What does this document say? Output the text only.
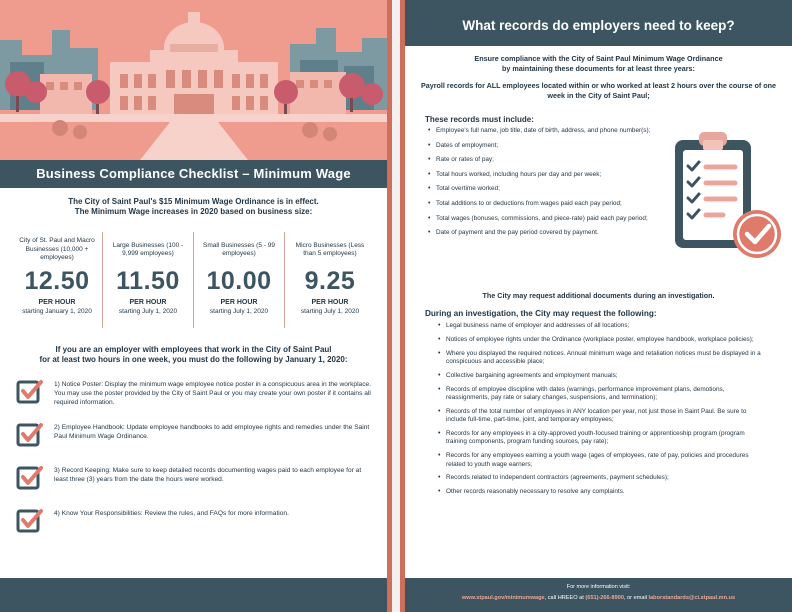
Business Compliance Checklist – Minimum Wage
The City of Saint Paul's $15 Minimum Wage Ordinance is in effect.
The Minimum Wage increases in 2020 based on business size:
City of St. Paul and Macro Businesses (10,000 + employees)
12.50
PER HOUR
starting January 1, 2020
Large Businesses (100 - 9,999 employees)
11.50
PER HOUR
starting July 1, 2020
Small Businesses (5 - 99 employees)
10.00
PER HOUR
starting July 1, 2020
Micro Businesses (Less than 5 employees)
9.25
PER HOUR
starting July 1, 2020
If you are an employer with employees that work in the City of Saint Paul
for at least two hours in one week, you must do the following by January 1, 2020:
1) Notice Poster: Display the minimum wage employee notice poster in a conspicuous area in the workplace. You may use the poster provided by the City of Saint Paul or you may create your own poster if it contains all required information.
2) Employee Handbook: Update employee handbooks to add employee rights and remedies under the Saint Paul Minimum Wage Ordinance.
3) Record Keeping: Make sure to keep detailed records documenting wages paid to each employee for at least three (3) years from the date the hours were worked.
4) Know Your Responsibilities: Review the rules, and FAQs for more information.
What records do employers need to keep?
Ensure compliance with the City of Saint Paul Minimum Wage Ordinance
by maintaining these documents for at least three years:
Payroll records for ALL employees located within or who worked at least 2 hours over the course of one week in the City of Saint Paul;
These records must include:
• Employee's full name, job title, date of birth, address, and phone number(s);
• Dates of employment;
• Rate or rates of pay;
• Total hours worked, including hours per day and per week;
• Total overtime worked;
• Total additions to or deductions from wages paid each pay period;
• Total wages (bonuses, commissions, and piece-rate) paid each pay period;
• Date of payment and the pay period covered by payment.
The City may request additional documents during an investigation.
During an investigation, the City may request the following:
• Legal business name of employer and addresses of all locations;
• Notices of employee rights under the Ordinance (workplace poster, employee handbook, workplace policies);
• Where you displayed the required notices. Annual minimum wage and retaliation notices must be displayed in a conspicuous and accessible place;
• Collective bargaining agreements and employment manuals;
• Records of employee discipline with dates (warnings, performance improvement plans, demotions, reassignments, pay rate or salary changes, suspensions, and termination);
• Records of the total number of employees in ANY location per year, not just those in Saint Paul. Be sure to include full-time, part-time, joint, and temporary employees;
• Records for any employees in a city-approved youth-focused training or apprenticeship program (program training components, program funding sources, pay rate);
• Records for any employees earning a youth wage (ages of employees, rate of pay, policies and procedures related to youth wage earners;
• Records related to independent contractors (agreements, payment schedules);
• Other records reasonably necessary to resolve any complaints.
For more information visit:
www.stpaul.gov/minimumwage, call HREEO at (651)-266-8900, or email laborstandards@ci.stpaul.mn.us
